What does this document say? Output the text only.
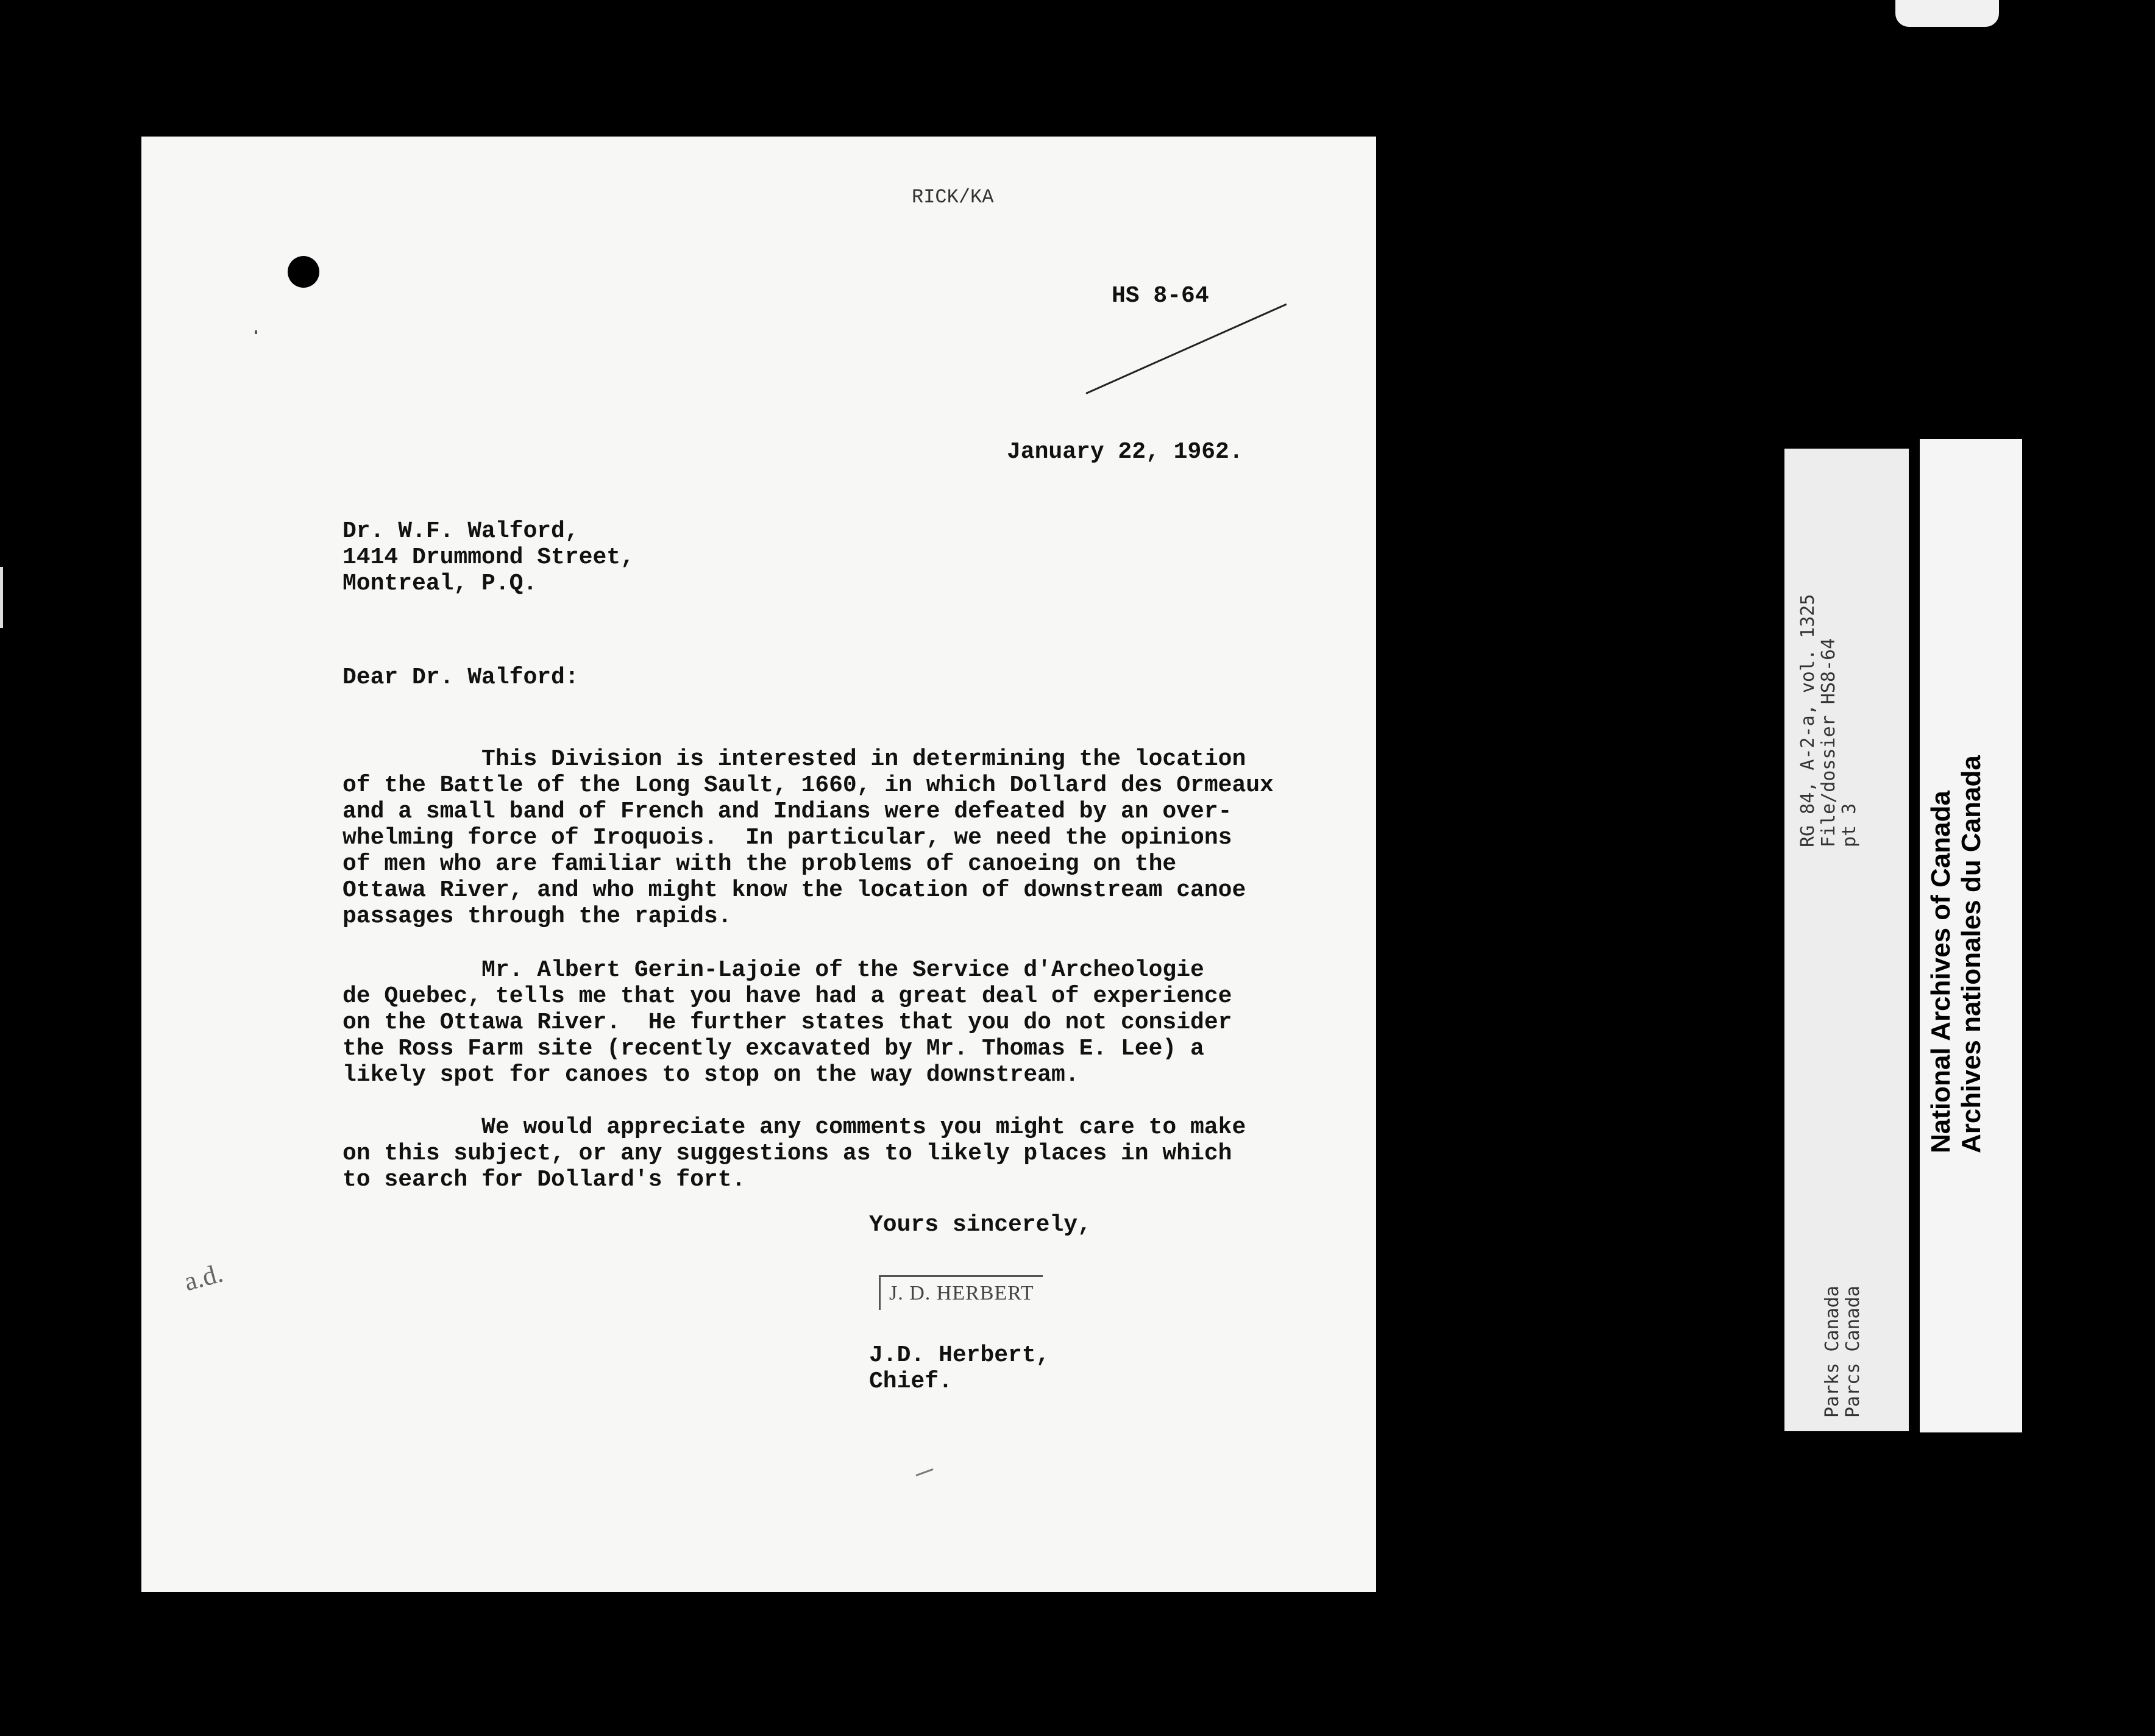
RICK/KA
HS 8-64
January 22, 1962.
Dr. W.F. Walford,
1414 Drummond Street,
Montreal, P.Q.
Dear Dr. Walford:
This Division is interested in determining the location
of the Battle of the Long Sault, 1660, in which Dollard des Ormeaux
and a small band of French and Indians were defeated by an over-
whelming force of Iroquois.  In particular, we need the opinions
of men who are familiar with the problems of canoeing on the
Ottawa River, and who might know the location of downstream canoe
passages through the rapids.
Mr. Albert Gerin-Lajoie of the Service d'Archeologie
de Quebec, tells me that you have had a great deal of experience
on the Ottawa River.  He further states that you do not consider
the Ross Farm site (recently excavated by Mr. Thomas E. Lee) a
likely spot for canoes to stop on the way downstream.
We would appreciate any comments you might care to make
on this subject, or any suggestions as to likely places in which
to search for Dollard's fort.
Yours sincerely,
J. D. HERBERT
J.D. Herbert,
Chief.
a.d.
RG 84, A-2-a, vol. 1325 File/dossier HS8-64 pt 3
Parks Canada Parcs Canada
National Archives of Canada Archives nationales du Canada
